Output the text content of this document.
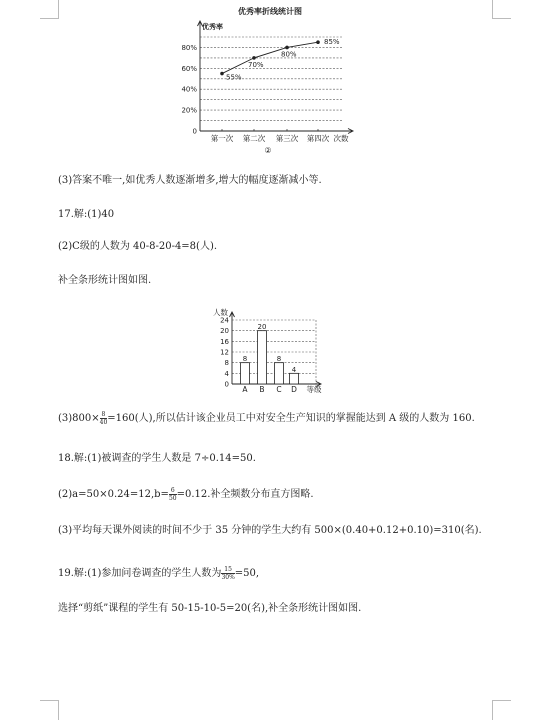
优秀率折线统计图
优秀率
0
20%
40%
60%
80%
第一次 第二次 第三次 第四次 次数
②
55%
70%
80%
85%
人数
0
4
8
12
16
20
24
8
A
20
B
8
C
4
D 等级
(3)答案不唯一,如优秀人数逐渐增多,增大的幅度逐渐减小等.
17.解:(1)40
(2)C级的人数为 40-8-20-4=8(人).
补全条形统计图如图.
$(3)800\times \frac{8}{40} =160$(人),所以估计该企业员工中对安全生产知识的掌握能达到 A 级的人数为 160.
18.解:(1)被调查的学生人数是 7÷0.14=50.
$(2)a=50\times 0.24=12,b= \frac{6}{50} =0.12$.补全频数分布直方图略.
(3)平均每天课外阅读的时间不少于 35 分钟的学生大约有 500×(0.40+0.12+0.10)=310(名).
19.解:(1)参加问卷调查的学生人数为 $\frac{15}{30\%} =50$,
选择“剪纸”课程的学生有 50-15-10-5=20(名),补全条形统计图如图.
